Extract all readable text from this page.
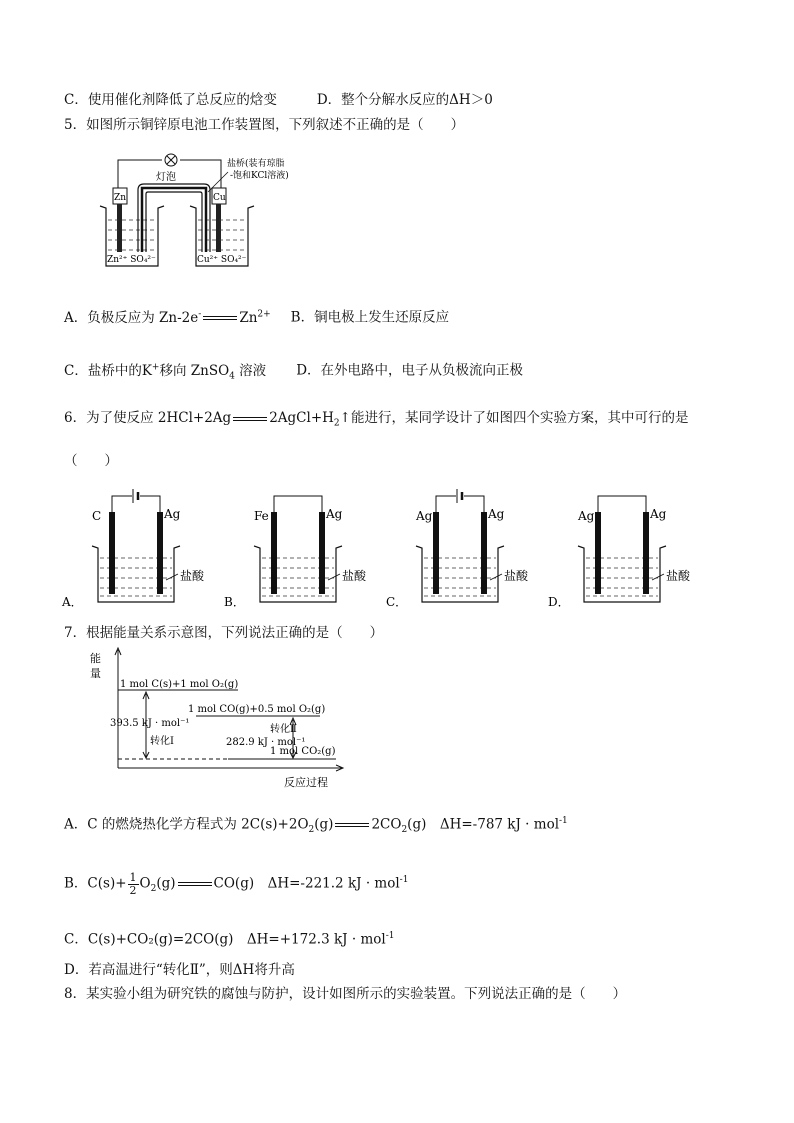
C．使用催化剂降低了总反应的焓变	D．整个分解水反应的ΔH＞0
5．如图所示铜锌原电池工作装置图，下列叙述不正确的是（　　）
灯泡
盐桥(装有琼脂
-饱和KCl溶液)
Zn	Cu
Zn²⁺ SO₄²⁻	Cu²⁺ SO₄²⁻
A．负极反应为 Zn-2e-	$Zn^{2+}$ B．铜电极上发生还原反应
C．盐桥中的K+移向 ZnSO$_4$ 溶液 D．在外电路中，电子从负极流向正极
6．为了使反应 2HCl+2Ag	$2AgCl+H_2↑$能进行，某同学设计了如图四个实验方案，其中可行的是
（　　）
C	Ag
盐酸
A．
Fe	Ag
盐酸
B．
Ag	Ag
盐酸
C．
Ag	Ag
盐酸
D．
7．根据能量关系示意图，下列说法正确的是（　　）
能
量
反应过程
1 mol C(s)+1 mol O₂(g)
1 mol CO(g)+0.5 mol O₂(g)
1 mol CO₂(g)
393.5 kJ · mol⁻¹
转化Ⅰ
转化Ⅱ
282.9 kJ · mol⁻¹
A．C 的燃烧热化学方程式为 $2C(s)+2O_2(g)$	$2CO_2(g)$　ΔH=-787 kJ · mol$^{-1}$
B．$C(s)+ \frac{1}{2} O_2(g)$	CO(g)　ΔH=-221.2 kJ · mol$^{-1}$
C．C(s)+CO₂(g)=2CO(g)　ΔH=+172.3 kJ · mol$^{-1}$
D．若高温进行“转化Ⅱ”，则ΔH将升高
8．某实验小组为研究铁的腐蚀与防护，设计如图所示的实验装置。下列说法正确的是（　　）
